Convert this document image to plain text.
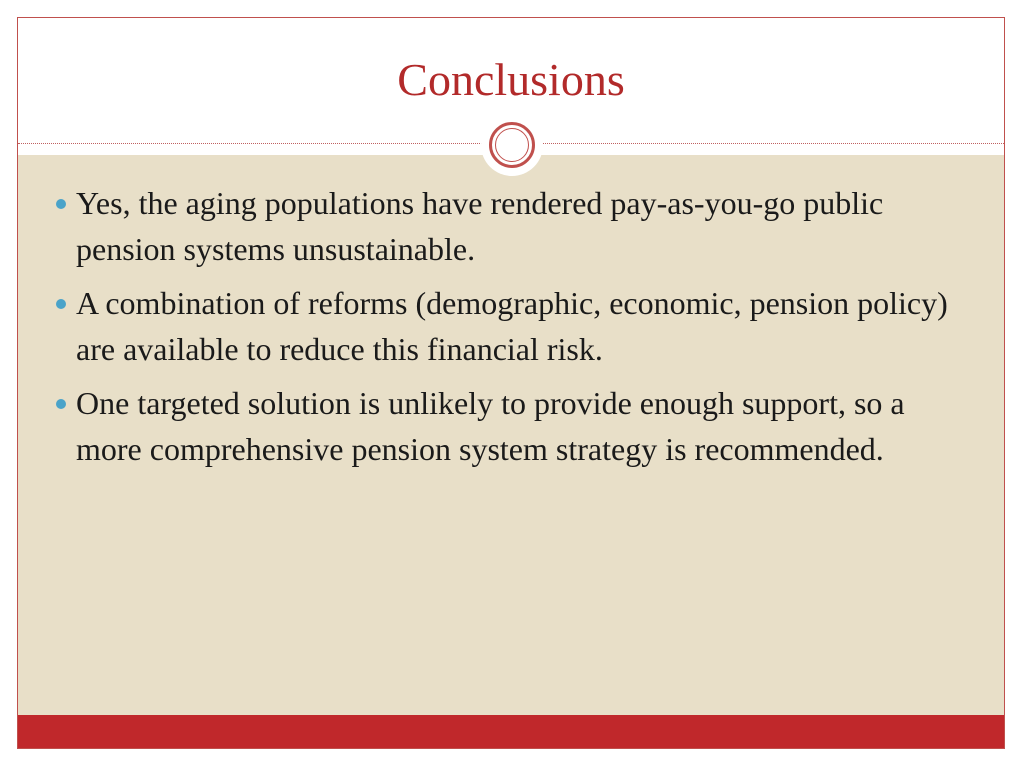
Conclusions
Yes, the aging populations have rendered pay-as-you-go public pension systems unsustainable.
A combination of reforms (demographic, economic, pension policy) are available to reduce this financial risk.
One targeted solution is unlikely to provide enough support, so a more comprehensive pension system strategy is recommended.
